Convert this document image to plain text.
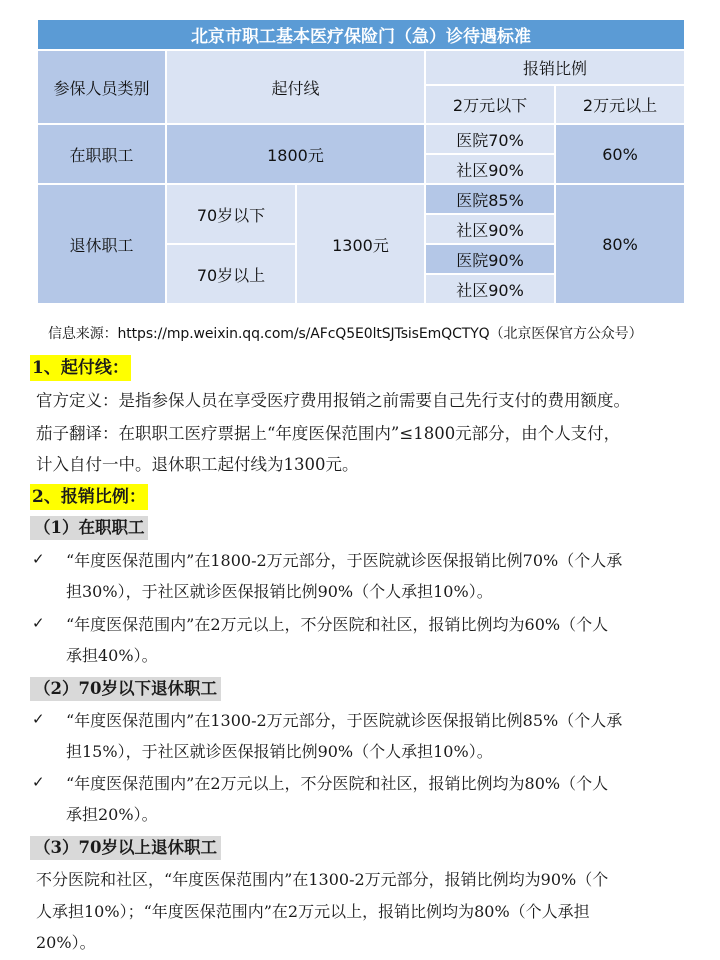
北京市职工基本医疗保险门（急）诊待遇标准				
参保人员类别	起付线		报销比例	
			2万元以下	2万元以上
在职职工	1800元		医院70%	60%
			社区90%	
退休职工	70岁以下	1300元	医院85%	80%
			社区90%	
	70岁以上		医院90%	
			社区90%	
信息来源：https://mp.weixin.qq.com/s/AFcQ5E0ltSJTsisEmQCTYQ（北京医保官方公众号）
1、起付线：
官方定义：是指参保人员在享受医疗费用报销之前需要自己先行支付的费用额度。
茄子翻译：在职职工医疗票据上“年度医保范围内”≤1800元部分，由个人支付，
计入自付一中。退休职工起付线为1300元。
2、报销比例：
（1）在职职工
✓ “年度医保范围内”在1800-2万元部分，于医院就诊医保报销比例70%（个人承
担30%），于社区就诊医保报销比例90%（个人承担10%）。
✓ “年度医保范围内”在2万元以上，不分医院和社区，报销比例均为60%（个人
承担40%）。
（2）70岁以下退休职工
✓ “年度医保范围内”在1300-2万元部分，于医院就诊医保报销比例85%（个人承
担15%），于社区就诊医保报销比例90%（个人承担10%）。
✓ “年度医保范围内”在2万元以上，不分医院和社区，报销比例均为80%（个人
承担20%）。
（3）70岁以上退休职工
不分医院和社区，“年度医保范围内”在1300-2万元部分，报销比例均为90%（个
人承担10%）；“年度医保范围内”在2万元以上，报销比例均为80%（个人承担
20%）。
